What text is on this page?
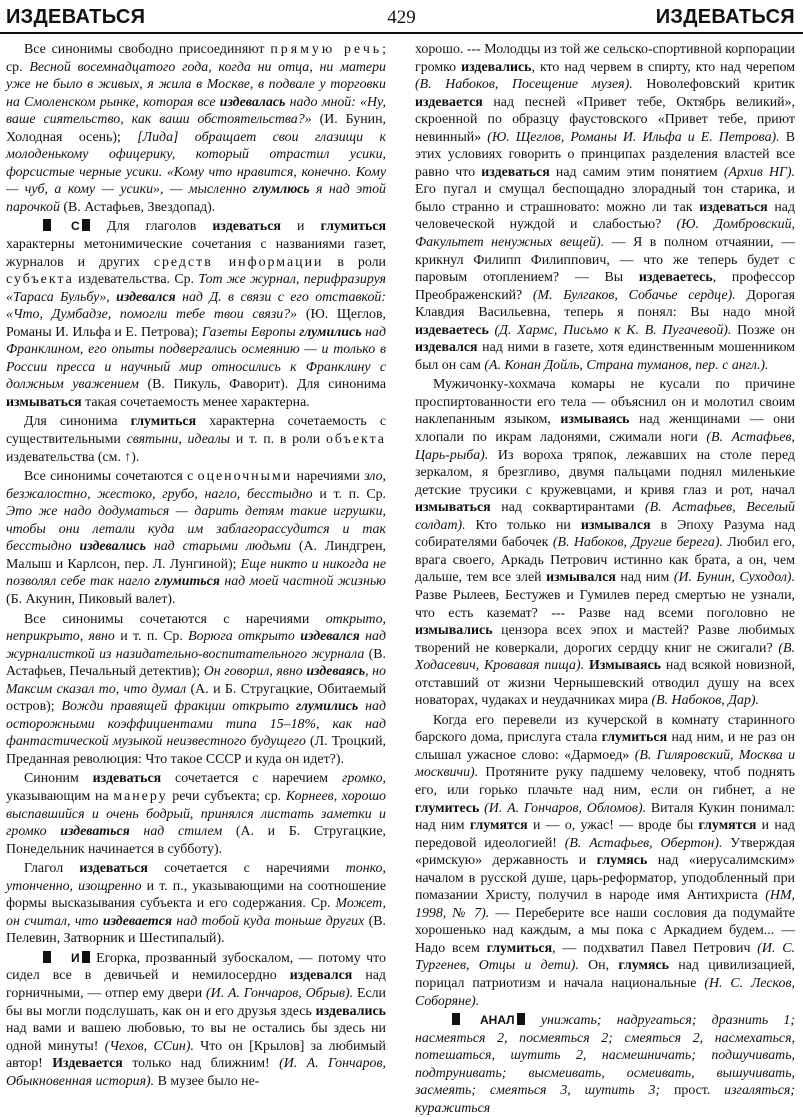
ИЗДЕВАТЬСЯ	429	ИЗДЕВАТЬСЯ

Все синонимы свободно присоединяют прямую речь; ср. Весной восемнадцатого года, когда ни отца, ни матери уже не было в живых, я жила в Москве, в подвале у торговки на Смоленском рынке, которая все издевалась надо мной: «Ну, ваше сиятельство, как ваши обстоятельства?» (И. Бунин, Холодная осень); [Лида] обращает свои глазищи к молоденькому офицерику, который отрастил усики, форсистые черные усики. «Кому что нравится, конечно. Кому — чуб, а кому — усики», — мысленно глумлюсь я над этой парочкой (В. Астафьев, Звездопад).

С Для глаголов издеваться и глумиться характерны метонимические сочетания с названиями газет, журналов и других средств информации в роли субъекта издевательства. Ср. Тот же журнал, перифразируя «Тараса Бульбу», издевался над Д. в связи с его отставкой: «Что, Думбадзе, помогли тебе твои связи?» (Ю. Щеглов, Романы И. Ильфа и Е. Петрова); Газеты Европы глумились над Франклином, его опыты подвергались осмеянию — и только в России пресса и научный мир относились к Франклину с должным уважением (В. Пикуль, Фаворит). Для синонима измываться такая сочетаемость менее характерна.

Для синонима глумиться характерна сочетаемость с существительными святыни, идеалы и т. п. в роли объекта издевательства (см. ↑).

Все синонимы сочетаются с оценочными наречиями зло, безжалостно, жестоко, грубо, нагло, бесстыдно и т. п. Ср. Это же надо додуматься — дарить детям такие игрушки, чтобы они летали куда им заблагорассудится и так бесстыдно издевались над старыми людьми (А. Линдгрен, Малыш и Карлсон, пер. Л. Лунгиной); Еще никто и никогда не позволял себе так нагло глумиться над моей частной жизнью (Б. Акунин, Пиковый валет).

Все синонимы сочетаются с наречиями открыто, неприкрыто, явно и т. п. Ср. Ворюга открыто издевался над журналисткой из назидательно-воспитательного журнала (В. Астафьев, Печальный детектив); Он говорил, явно издеваясь, но Максим сказал то, что думал (А. и Б. Стругацкие, Обитаемый остров); Вожди правящей фракции открыто глумились над осторожными коэффициентами типа 15–18%, как над фантастической музыкой неизвестного будущего (Л. Троцкий, Преданная революция: Что такое СССР и куда он идет?).

Синоним издеваться сочетается с наречием громко, указывающим на манеру речи субъекта; ср. Корнеев, хорошо выспавшийся и очень бодрый, принялся листать заметки и громко издеваться над стилем (А. и Б. Стругацкие, Понедельник начинается в субботу).

Глагол издеваться сочетается с наречиями тонко, утонченно, изощренно и т. п., указывающими на соотношение формы высказывания субъекта и его содержания. Ср. Может, он считал, что издевается над тобой куда тоньше других (В. Пелевин, Затворник и Шестипалый).

И Егорка, прозванный зубоскалом, — потому что сидел все в девичьей и немилосердно издевался над горничными, — отпер ему двери (И. А. Гончаров, Обрыв). Если бы вы могли подслушать, как он и его друзья здесь издевались над вами и вашею любовью, то вы не остались бы здесь ни одной минуты! (Чехов, ССин). Что он [Крылов] за любимый автор! Издевается только над ближним! (И. А. Гончаров, Обыкновенная история). В музее было не-

хорошо. --- Молодцы из той же сельско-спортивной корпорации громко издевались, кто над червем в спирту, кто над черепом (В. Набоков, Посещение музея). Новолефовский критик издевается над песней «Привет тебе, Октябрь великий», скроенной по образцу фаустовского «Привет тебе, приют невинный» (Ю. Щеглов, Романы И. Ильфа и Е. Петрова). В этих условиях говорить о принципах разделения властей все равно что издеваться над самим этим понятием (Архив НГ). Его пугал и смущал беспощадно злорадный тон старика, и было странно и страшновато: можно ли так издеваться над человеческой нуждой и слабостью? (Ю. Домбровский, Факультет ненужных вещей). — Я в полном отчаянии, — крикнул Филипп Филиппович, — что же теперь будет с паровым отоплением? — Вы издеваетесь, профессор Преображенский? (М. Булгаков, Собачье сердце). Дорогая Клавдия Васильевна, теперь я понял: Вы надо мной издеваетесь (Д. Хармс, Письмо к К. В. Пугачевой). Позже он издевался над ними в газете, хотя единственным мошенником был он сам (А. Конан Дойль, Страна туманов, пер. с англ.).

Мужичонку-хохмача комары не кусали по причине проспиртованности его тела — объяснил он и молотил своим наклепанным языком, измываясь над женщинами — они хлопали по икрам ладонями, сжимали ноги (В. Астафьев, Царь-рыба). Из вороха тряпок, лежавших на столе перед зеркалом, я брезгливо, двумя пальцами поднял миленькие детские трусики с кружевцами, и кривя глаз и рот, начал измываться над соквартирантами (В. Астафьев, Веселый солдат). Кто только ни измывался в Эпоху Разума над собирателями бабочек (В. Набоков, Другие берега). Любил его, врага своего, Аркадь Петрович истинно как брата, а он, чем дальше, тем все злей измывался над ним (И. Бунин, Суходол). Разве Рылеев, Бестужев и Гумилев перед смертью не узнали, что есть каземат? --- Разве над всеми поголовно не измывались цензора всех эпох и мастей? Разве любимых творений не коверкали, дорогих сердцу книг не сжигали? (В. Ходасевич, Кровавая пища). Измываясь над всякой новизной, отставший от жизни Чернышевский отводил душу на всех новаторах, чудаках и неудачниках мира (В. Набоков, Дар).

Когда его перевели из кучерской в комнату старинного барского дома, прислуга стала глумиться над ним, и не раз он слышал ужасное слово: «Дармоед» (В. Гиляровский, Москва и москвичи). Протяните руку падшему человеку, чтоб поднять его, или горько плачьте над ним, если он гибнет, а не глумитесь (И. А. Гончаров, Обломов). Виталя Кукин понимал: над ним глумятся и — о, ужас! — вроде бы глумятся и над передовой идеологией! (В. Астафьев, Обертон). Утверждая «римскую» державность и глумясь над «иерусалимским» началом в русской душе, царь-реформатор, уподобленный при помазании Христу, получил в народе имя Антихриста (НМ, 1998, № 7). — Переберите все наши сословия да подумайте хорошенько над каждым, а мы пока с Аркадием будем... — Надо всем глумиться, — подхватил Павел Петрович (И. С. Тургенев, Отцы и дети). Он, глумясь над цивилизацией, порицал патриотизм и начала национальные (Н. С. Лесков, Соборяне).

АНАЛ унижать; надругаться; дразнить 1; насмеяться 2, посмеяться 2; смеяться 2, насмехаться, потешаться, шутить 2, насмешничать; подшучивать, подтрунивать; высмеивать, осмеивать, вышучивать, засмеять; смеяться 3, шутить 3; прост. изгаляться; куражиться
